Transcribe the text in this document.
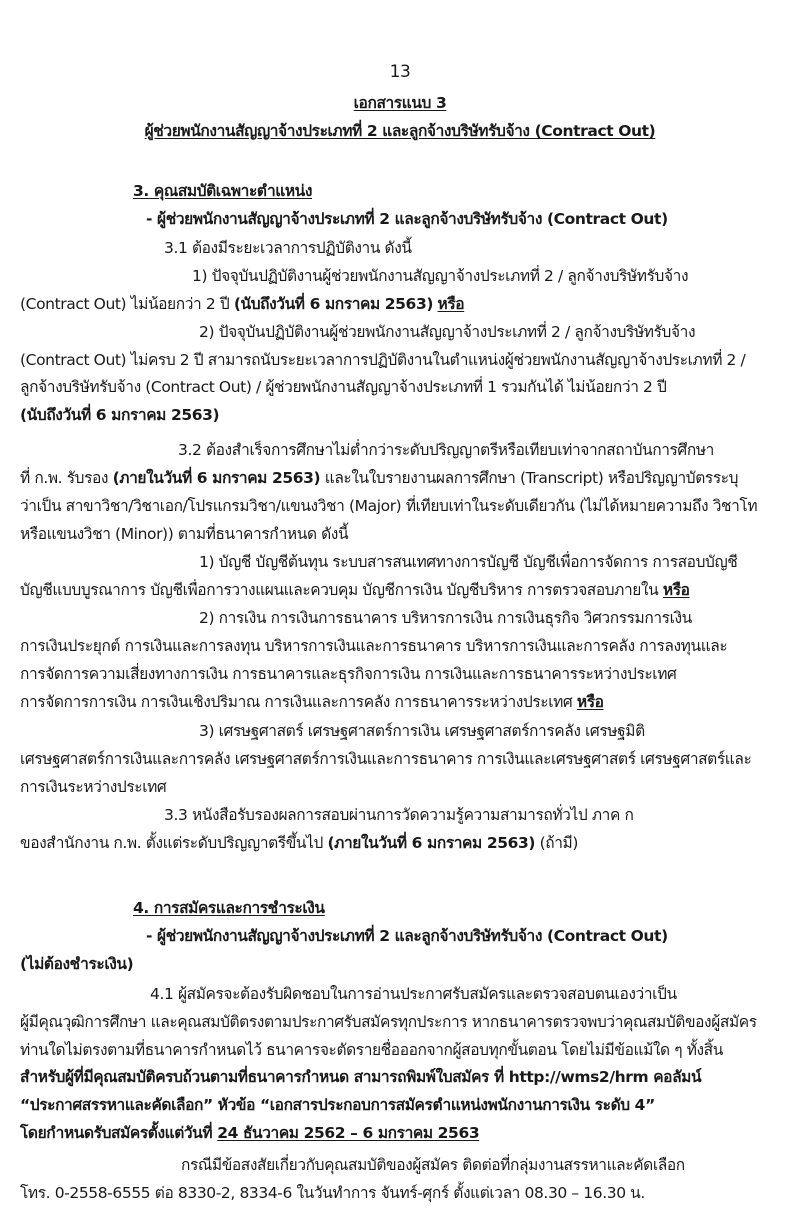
13
เอกสารแนบ 3
ผู้ช่วยพนักงานสัญญาจ้างประเภทที่ 2 และลูกจ้างบริษัทรับจ้าง (Contract Out)
3. คุณสมบัติเฉพาะตำแหน่ง
- ผู้ช่วยพนักงานสัญญาจ้างประเภทที่ 2 และลูกจ้างบริษัทรับจ้าง (Contract Out)
3.1 ต้องมีระยะเวลาการปฏิบัติงาน ดังนี้
1) ปัจจุบันปฏิบัติงานผู้ช่วยพนักงานสัญญาจ้างประเภทที่ 2 / ลูกจ้างบริษัทรับจ้าง
(Contract Out) ไม่น้อยกว่า 2 ปี (นับถึงวันที่ 6 มกราคม 2563) หรือ
2) ปัจจุบันปฏิบัติงานผู้ช่วยพนักงานสัญญาจ้างประเภทที่ 2 / ลูกจ้างบริษัทรับจ้าง
(Contract Out) ไม่ครบ 2 ปี สามารถนับระยะเวลาการปฏิบัติงานในตำแหน่งผู้ช่วยพนักงานสัญญาจ้างประเภทที่ 2 /
ลูกจ้างบริษัทรับจ้าง (Contract Out) / ผู้ช่วยพนักงานสัญญาจ้างประเภทที่ 1 รวมกันได้ ไม่น้อยกว่า 2 ปี
(นับถึงวันที่ 6 มกราคม 2563)
3.2 ต้องสำเร็จการศึกษาไม่ต่ำกว่าระดับปริญญาตรีหรือเทียบเท่าจากสถาบันการศึกษา
ที่ ก.พ. รับรอง (ภายในวันที่ 6 มกราคม 2563) และในใบรายงานผลการศึกษา (Transcript) หรือปริญญาบัตรระบุ
ว่าเป็น สาขาวิชา/วิชาเอก/โปรแกรมวิชา/แขนงวิชา (Major) ที่เทียบเท่าในระดับเดียวกัน (ไม่ได้หมายความถึง วิชาโท
หรือแขนงวิชา (Minor)) ตามที่ธนาคารกำหนด ดังนี้
1) บัญชี บัญชีต้นทุน ระบบสารสนเทศทางการบัญชี บัญชีเพื่อการจัดการ การสอบบัญชี
บัญชีแบบบูรณาการ บัญชีเพื่อการวางแผนและควบคุม บัญชีการเงิน บัญชีบริหาร การตรวจสอบภายใน หรือ
2) การเงิน การเงินการธนาคาร บริหารการเงิน การเงินธุรกิจ วิศวกรรมการเงิน
การเงินประยุกต์ การเงินและการลงทุน บริหารการเงินและการธนาคาร บริหารการเงินและการคลัง การลงทุนและ
การจัดการความเสี่ยงทางการเงิน การธนาคารและธุรกิจการเงิน การเงินและการธนาคารระหว่างประเทศ
การจัดการการเงิน การเงินเชิงปริมาณ การเงินและการคลัง การธนาคารระหว่างประเทศ หรือ
3) เศรษฐศาสตร์ เศรษฐศาสตร์การเงิน เศรษฐศาสตร์การคลัง เศรษฐมิติ
เศรษฐศาสตร์การเงินและการคลัง เศรษฐศาสตร์การเงินและการธนาคาร การเงินและเศรษฐศาสตร์ เศรษฐศาสตร์และ
การเงินระหว่างประเทศ
3.3 หนังสือรับรองผลการสอบผ่านการวัดความรู้ความสามารถทั่วไป ภาค ก
ของสำนักงาน ก.พ. ตั้งแต่ระดับปริญญาตรีขึ้นไป (ภายในวันที่ 6 มกราคม 2563) (ถ้ามี)
4. การสมัครและการชำระเงิน
- ผู้ช่วยพนักงานสัญญาจ้างประเภทที่ 2 และลูกจ้างบริษัทรับจ้าง (Contract Out)
(ไม่ต้องชำระเงิน)
4.1 ผู้สมัครจะต้องรับผิดชอบในการอ่านประกาศรับสมัครและตรวจสอบตนเองว่าเป็น
ผู้มีคุณวุฒิการศึกษา และคุณสมบัติตรงตามประกาศรับสมัครทุกประการ หากธนาคารตรวจพบว่าคุณสมบัติของผู้สมัคร
ท่านใดไม่ตรงตามที่ธนาคารกำหนดไว้ ธนาคารจะตัดรายชื่อออกจากผู้สอบทุกขั้นตอน โดยไม่มีข้อแม้ใด ๆ ทั้งสิ้น
สำหรับผู้ที่มีคุณสมบัติครบถ้วนตามที่ธนาคารกำหนด สามารถพิมพ์ใบสมัคร ที่ http://wms2/hrm คอลัมน์
“ประกาศสรรหาและคัดเลือก” หัวข้อ “เอกสารประกอบการสมัครตำแหน่งพนักงานการเงิน ระดับ 4”
โดยกำหนดรับสมัครตั้งแต่วันที่ 24 ธันวาคม 2562 – 6 มกราคม 2563
กรณีมีข้อสงสัยเกี่ยวกับคุณสมบัติของผู้สมัคร ติดต่อที่กลุ่มงานสรรหาและคัดเลือก
โทร. 0-2558-6555 ต่อ 8330-2, 8334-6 ในวันทำการ จันทร์-ศุกร์ ตั้งแต่เวลา 08.30 – 16.30 น.
